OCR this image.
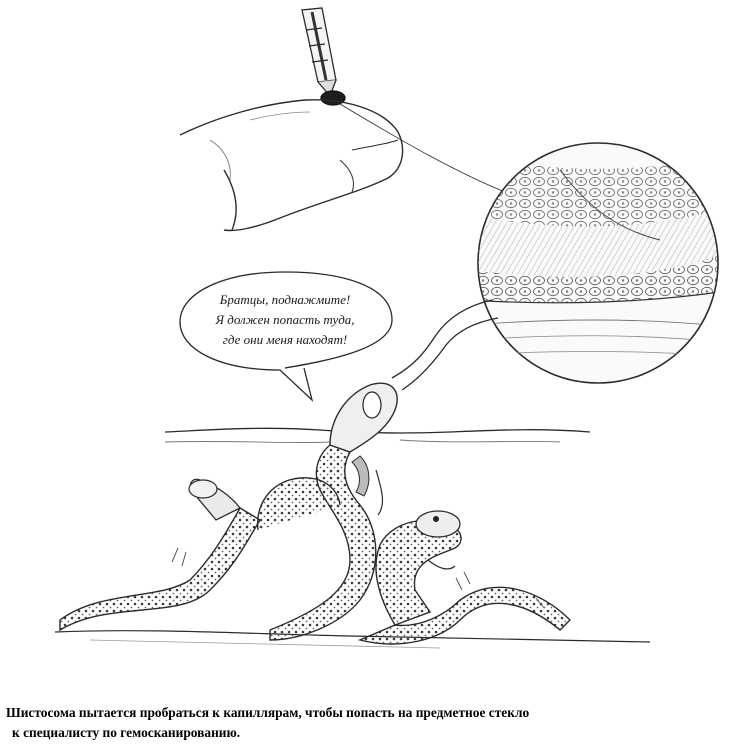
Братцы, поднажмите!
Я должен попасть туда,
где они меня находят!
Шистосома пытается пробраться к капиллярам, чтобы попасть на предметное стекло
к специалисту по гемосканированию.
